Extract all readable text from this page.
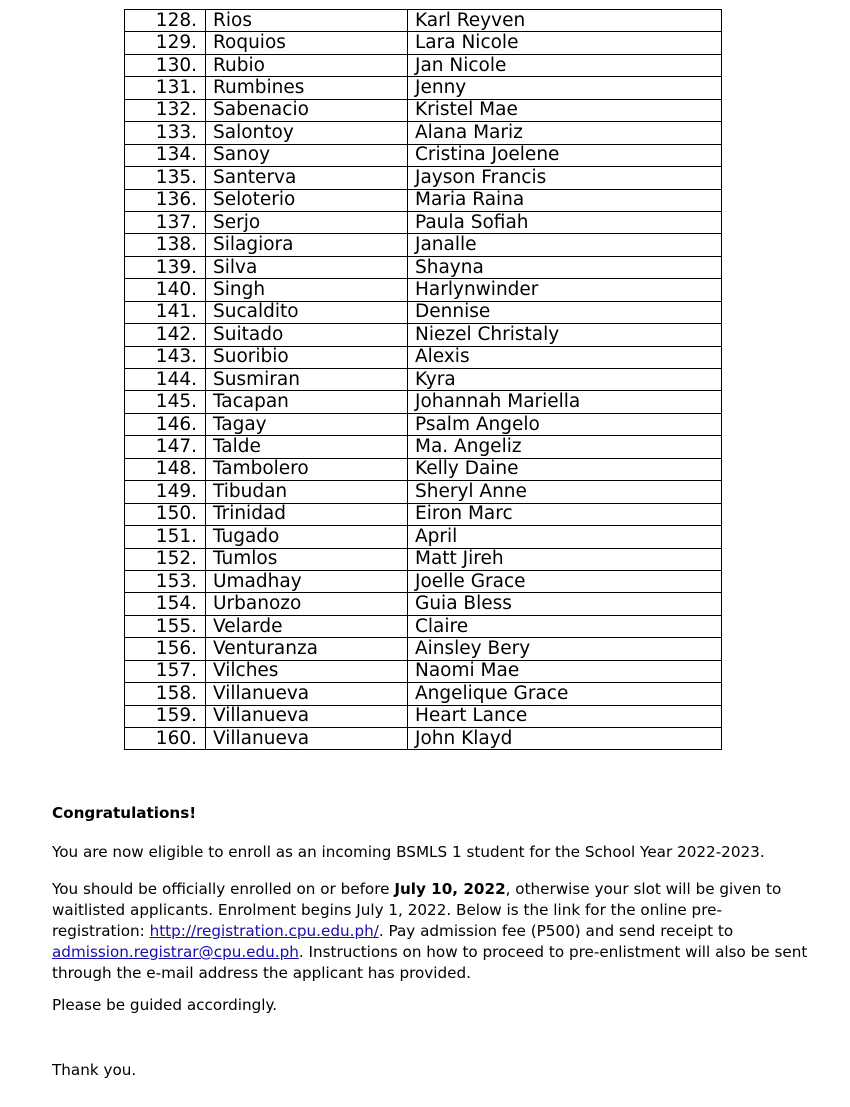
128.	Rios	Karl Reyven
129.	Roquios	Lara Nicole
130.	Rubio	Jan Nicole
131.	Rumbines	Jenny
132.	Sabenacio	Kristel Mae
133.	Salontoy	Alana Mariz
134.	Sanoy	Cristina Joelene
135.	Santerva	Jayson Francis
136.	Seloterio	Maria Raina
137.	Serjo	Paula Sofiah
138.	Silagiora	Janalle
139.	Silva	Shayna
140.	Singh	Harlynwinder
141.	Sucaldito	Dennise
142.	Suitado	Niezel Christaly
143.	Suoribio	Alexis
144.	Susmiran	Kyra
145.	Tacapan	Johannah Mariella
146.	Tagay	Psalm Angelo
147.	Talde	Ma. Angeliz
148.	Tambolero	Kelly Daine
149.	Tibudan	Sheryl Anne
150.	Trinidad	Eiron Marc
151.	Tugado	April
152.	Tumlos	Matt Jireh
153.	Umadhay	Joelle Grace
154.	Urbanozo	Guia Bless
155.	Velarde	Claire
156.	Venturanza	Ainsley Bery
157.	Vilches	Naomi Mae
158.	Villanueva	Angelique Grace
159.	Villanueva	Heart Lance
160.	Villanueva	John Klayd
Congratulations!
You are now eligible to enroll as an incoming BSMLS 1 student for the School Year 2022-2023.
You should be officially enrolled on or before July 10, 2022, otherwise your slot will be given to waitlisted applicants. Enrolment begins July 1, 2022. Below is the link for the online pre-registration: http://registration.cpu.edu.ph/. Pay admission fee (P500) and send receipt to admission.registrar@cpu.edu.ph. Instructions on how to proceed to pre-enlistment will also be sent through the e-mail address the applicant has provided.
Please be guided accordingly.
Thank you.
